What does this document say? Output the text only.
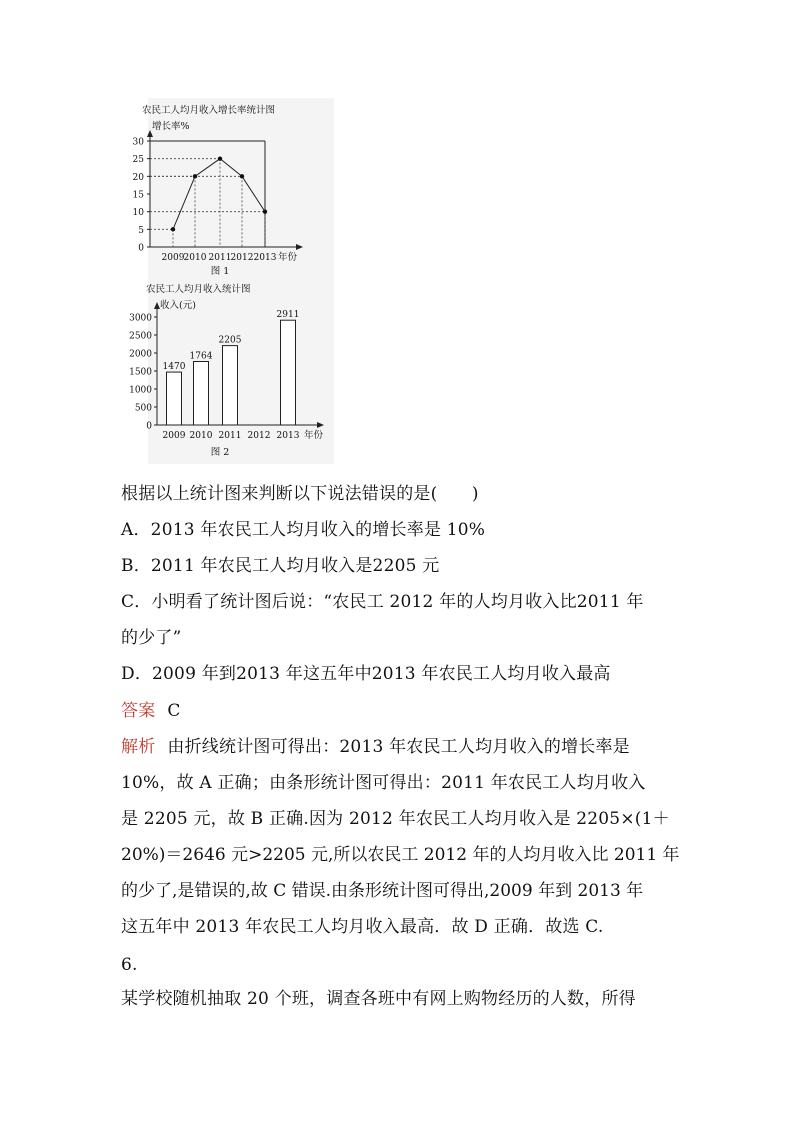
农民工人均月收入增长率统计图
增长率%
0
5
10
15
20
25
30
2009 2010 2011 2012 2013 年份
图 1
农民工人均月收入统计图
收入(元)
0
500
1000
1500
2000
2500
3000
1470
1764
2205
2911
2009 2010 2011 2012 2013 年份
图 2
根据以上统计图来判断以下说法错误的是(　　)
A．2013 年农民工人均月收入的增长率是 10%
B．2011 年农民工人均月收入是2205 元
C．小明看了统计图后说：“农民工 2012 年的人均月收入比2011 年
的少了”
D．2009 年到2013 年这五年中2013 年农民工人均月收入最高
答案 C
解析 由折线统计图可得出：2013 年农民工人均月收入的增长率是
10%，故 A 正确；由条形统计图可得出：2011 年农民工人均月收入
是 2205 元，故 B 正确.因为 2012 年农民工人均月收入是 2205×(1＋
20%)＝2646 元>2205 元,所以农民工 2012 年的人均月收入比 2011 年
的少了,是错误的,故 C 错误.由条形统计图可得出,2009 年到 2013 年
这五年中 2013 年农民工人均月收入最高．故 D 正确．故选 C.
6.
某学校随机抽取 20 个班，调查各班中有网上购物经历的人数，所得
